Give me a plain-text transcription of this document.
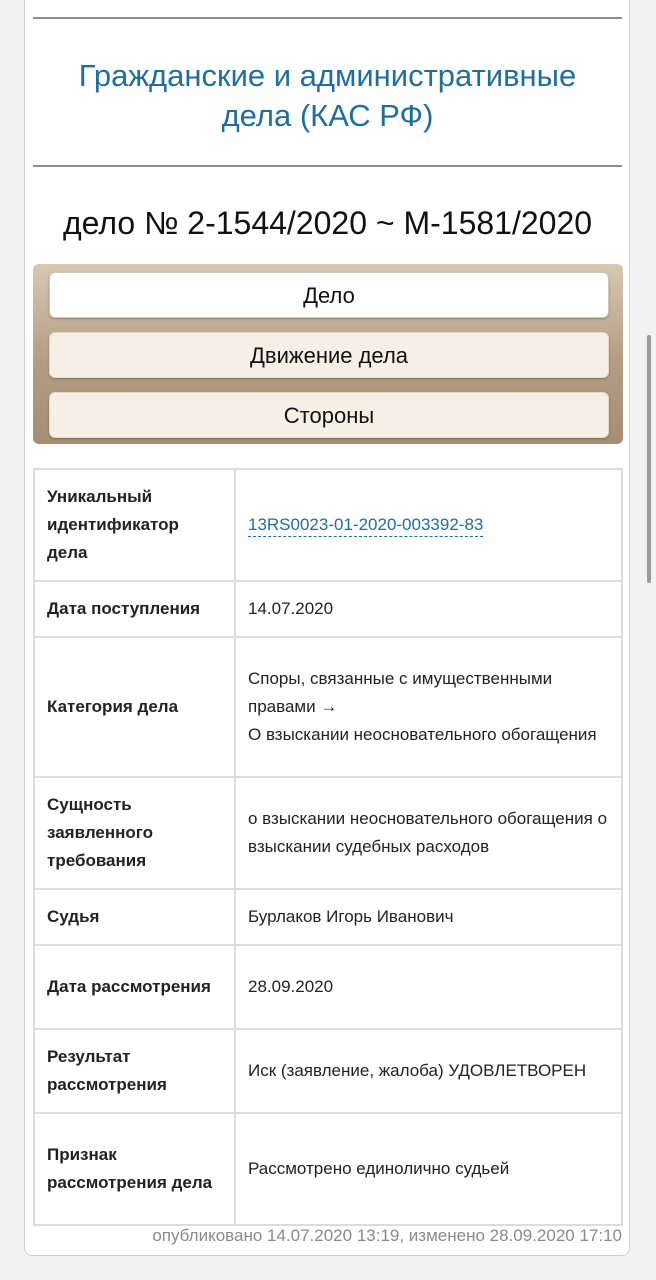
Гражданские и административные
дела (КАС РФ)
дело № 2-1544/2020 ~ М-1581/2020
Дело
Движение дела
Стороны
Уникальный идентификатор дела	13RS0023-01-2020-003392-83
Дата поступления	14.07.2020
Категория дела	Споры, связанные с имущественными правами →
О взыскании неосновательного обогащения

Сущность заявленного требования	о взыскании неосновательного обогащения о взыскании судебных расходов
Судья	Бурлаков Игорь Иванович
Дата рассмотрения	28.09.2020
Результат рассмотрения	Иск (заявление, жалоба) УДОВЛЕТВОРЕН
Признак рассмотрения дела	Рассмотрено единолично судьей
опубликовано 14.07.2020 13:19, изменено 28.09.2020 17:10
